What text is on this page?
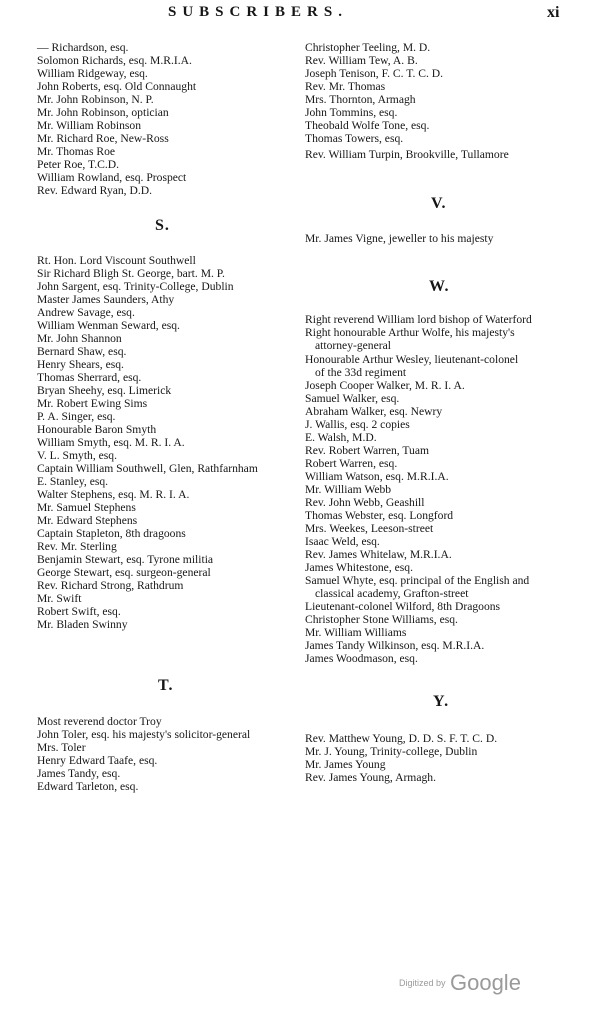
SUBSCRIBERS.	xi
— Richardson, esq.
Solomon Richards, esq. M.R.I.A.
William Ridgeway, esq.
John Roberts, esq. Old Connaught
Mr. John Robinson, N. P.
Mr. John Robinson, optician
Mr. William Robinson
Mr. Richard Roe, New-Ross
Mr. Thomas Roe
Peter Roe, T.C.D.
William Rowland, esq. Prospect
Rev. Edward Ryan, D.D.
S.
Rt. Hon. Lord Viscount Southwell
Sir Richard Bligh St. George, bart. M. P.
John Sargent, esq. Trinity-College, Dublin
Master James Saunders, Athy
Andrew Savage, esq.
William Wenman Seward, esq.
Mr. John Shannon
Bernard Shaw, esq.
Henry Shears, esq.
Thomas Sherrard, esq.
Bryan Sheehy, esq. Limerick
Mr. Robert Ewing Sims
P. A. Singer, esq.
Honourable Baron Smyth
William Smyth, esq. M. R. I. A.
V. L. Smyth, esq.
Captain William Southwell, Glen, Rathfarnham
E. Stanley, esq.
Walter Stephens, esq. M. R. I. A.
Mr. Samuel Stephens
Mr. Edward Stephens
Captain Stapleton, 8th dragoons
Rev. Mr. Sterling
Benjamin Stewart, esq. Tyrone militia
George Stewart, esq. surgeon-general
Rev. Richard Strong, Rathdrum
Mr. Swift
Robert Swift, esq.
Mr. Bladen Swinny
T.
Most reverend doctor Troy
John Toler, esq. his majesty's solicitor-general
Mrs. Toler
Henry Edward Taafe, esq.
James Tandy, esq.
Edward Tarleton, esq.
Christopher Teeling, M. D.
Rev. William Tew, A. B.
Joseph Tenison, F. C. T. C. D.
Rev. Mr. Thomas
Mrs. Thornton, Armagh
John Tommins, esq.
Theobald Wolfe Tone, esq.
Thomas Towers, esq.
Rev. William Turpin, Brookville, Tullamore
V.
Mr. James Vigne, jeweller to his majesty
W.
Right reverend William lord bishop of Waterford
Right honourable Arthur Wolfe, his majesty's
attorney-general
Honourable Arthur Wesley, lieutenant-colonel
of the 33d regiment
Joseph Cooper Walker, M. R. I. A.
Samuel Walker, esq.
Abraham Walker, esq. Newry
J. Wallis, esq. 2 copies
E. Walsh, M.D.
Rev. Robert Warren, Tuam
Robert Warren, esq.
William Watson, esq. M.R.I.A.
Mr. William Webb
Rev. John Webb, Geashill
Thomas Webster, esq. Longford
Mrs. Weekes, Leeson-street
Isaac Weld, esq.
Rev. James Whitelaw, M.R.I.A.
James Whitestone, esq.
Samuel Whyte, esq. principal of the English and
classical academy, Grafton-street
Lieutenant-colonel Wilford, 8th Dragoons
Christopher Stone Williams, esq.
Mr. William Williams
James Tandy Wilkinson, esq. M.R.I.A.
James Woodmason, esq.
Y.
Rev. Matthew Young, D. D. S. F. T. C. D.
Mr. J. Young, Trinity-college, Dublin
Mr. James Young
Rev. James Young, Armagh.
Digitized by Google
